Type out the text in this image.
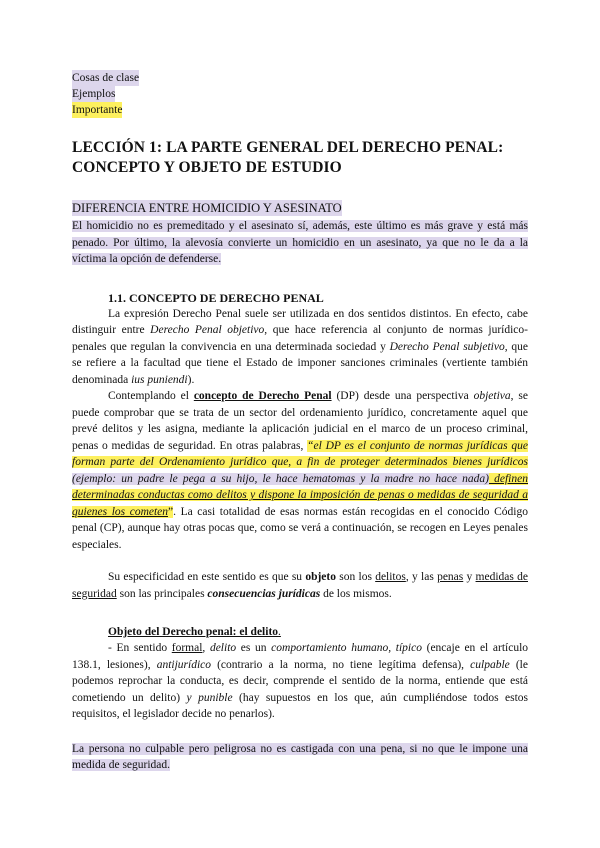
Cosas de clase
Ejemplos
Importante
LECCIÓN 1: LA PARTE GENERAL DEL DERECHO PENAL: CONCEPTO Y OBJETO DE ESTUDIO
DIFERENCIA ENTRE HOMICIDIO Y ASESINATO

El homicidio no es premeditado y el asesinato sí, además, este último es más grave y está más penado. Por último, la alevosía convierte un homicidio en un asesinato, ya que no le da a la víctima la opción de defenderse.

1.1. CONCEPTO DE DERECHO PENAL

La expresión Derecho Penal suele ser utilizada en dos sentidos distintos. En efecto, cabe distinguir entre Derecho Penal objetivo, que hace referencia al conjunto de normas jurídico-penales que regulan la convivencia en una determinada sociedad y Derecho Penal subjetivo, que se refiere a la facultad que tiene el Estado de imponer sanciones criminales (vertiente también denominada ius puniendi).

Contemplando el concepto de Derecho Penal (DP) desde una perspectiva objetiva, se puede comprobar que se trata de un sector del ordenamiento jurídico, concretamente aquel que prevé delitos y les asigna, mediante la aplicación judicial en el marco de un proceso criminal, penas o medidas de seguridad. En otras palabras, “el DP es el conjunto de normas jurídicas que forman parte del Ordenamiento jurídico que, a fin de proteger determinados bienes jurídicos (ejemplo: un padre le pega a su hijo, le hace hematomas y la madre no hace nada) definen determinadas conductas como delitos y dispone la imposición de penas o medidas de seguridad a quienes los cometen”. La casi totalidad de esas normas están recogidas en el conocido Código penal (CP), aunque hay otras pocas que, como se verá a continuación, se recogen en Leyes penales especiales.

Su especificidad en este sentido es que su objeto son los delitos, y las penas y medidas de seguridad son las principales consecuencias jurídicas de los mismos.

Objeto del Derecho penal: el delito.

- En sentido formal, delito es un comportamiento humano, típico (encaje en el artículo 138.1, lesiones), antijurídico (contrario a la norma, no tiene legítima defensa), culpable (le podemos reprochar la conducta, es decir, comprende el sentido de la norma, entiende que está cometiendo un delito) y punible (hay supuestos en los que, aún cumpliéndose todos estos requisitos, el legislador decide no penarlos).

La persona no culpable pero peligrosa no es castigada con una pena, si no que le impone una medida de seguridad.
